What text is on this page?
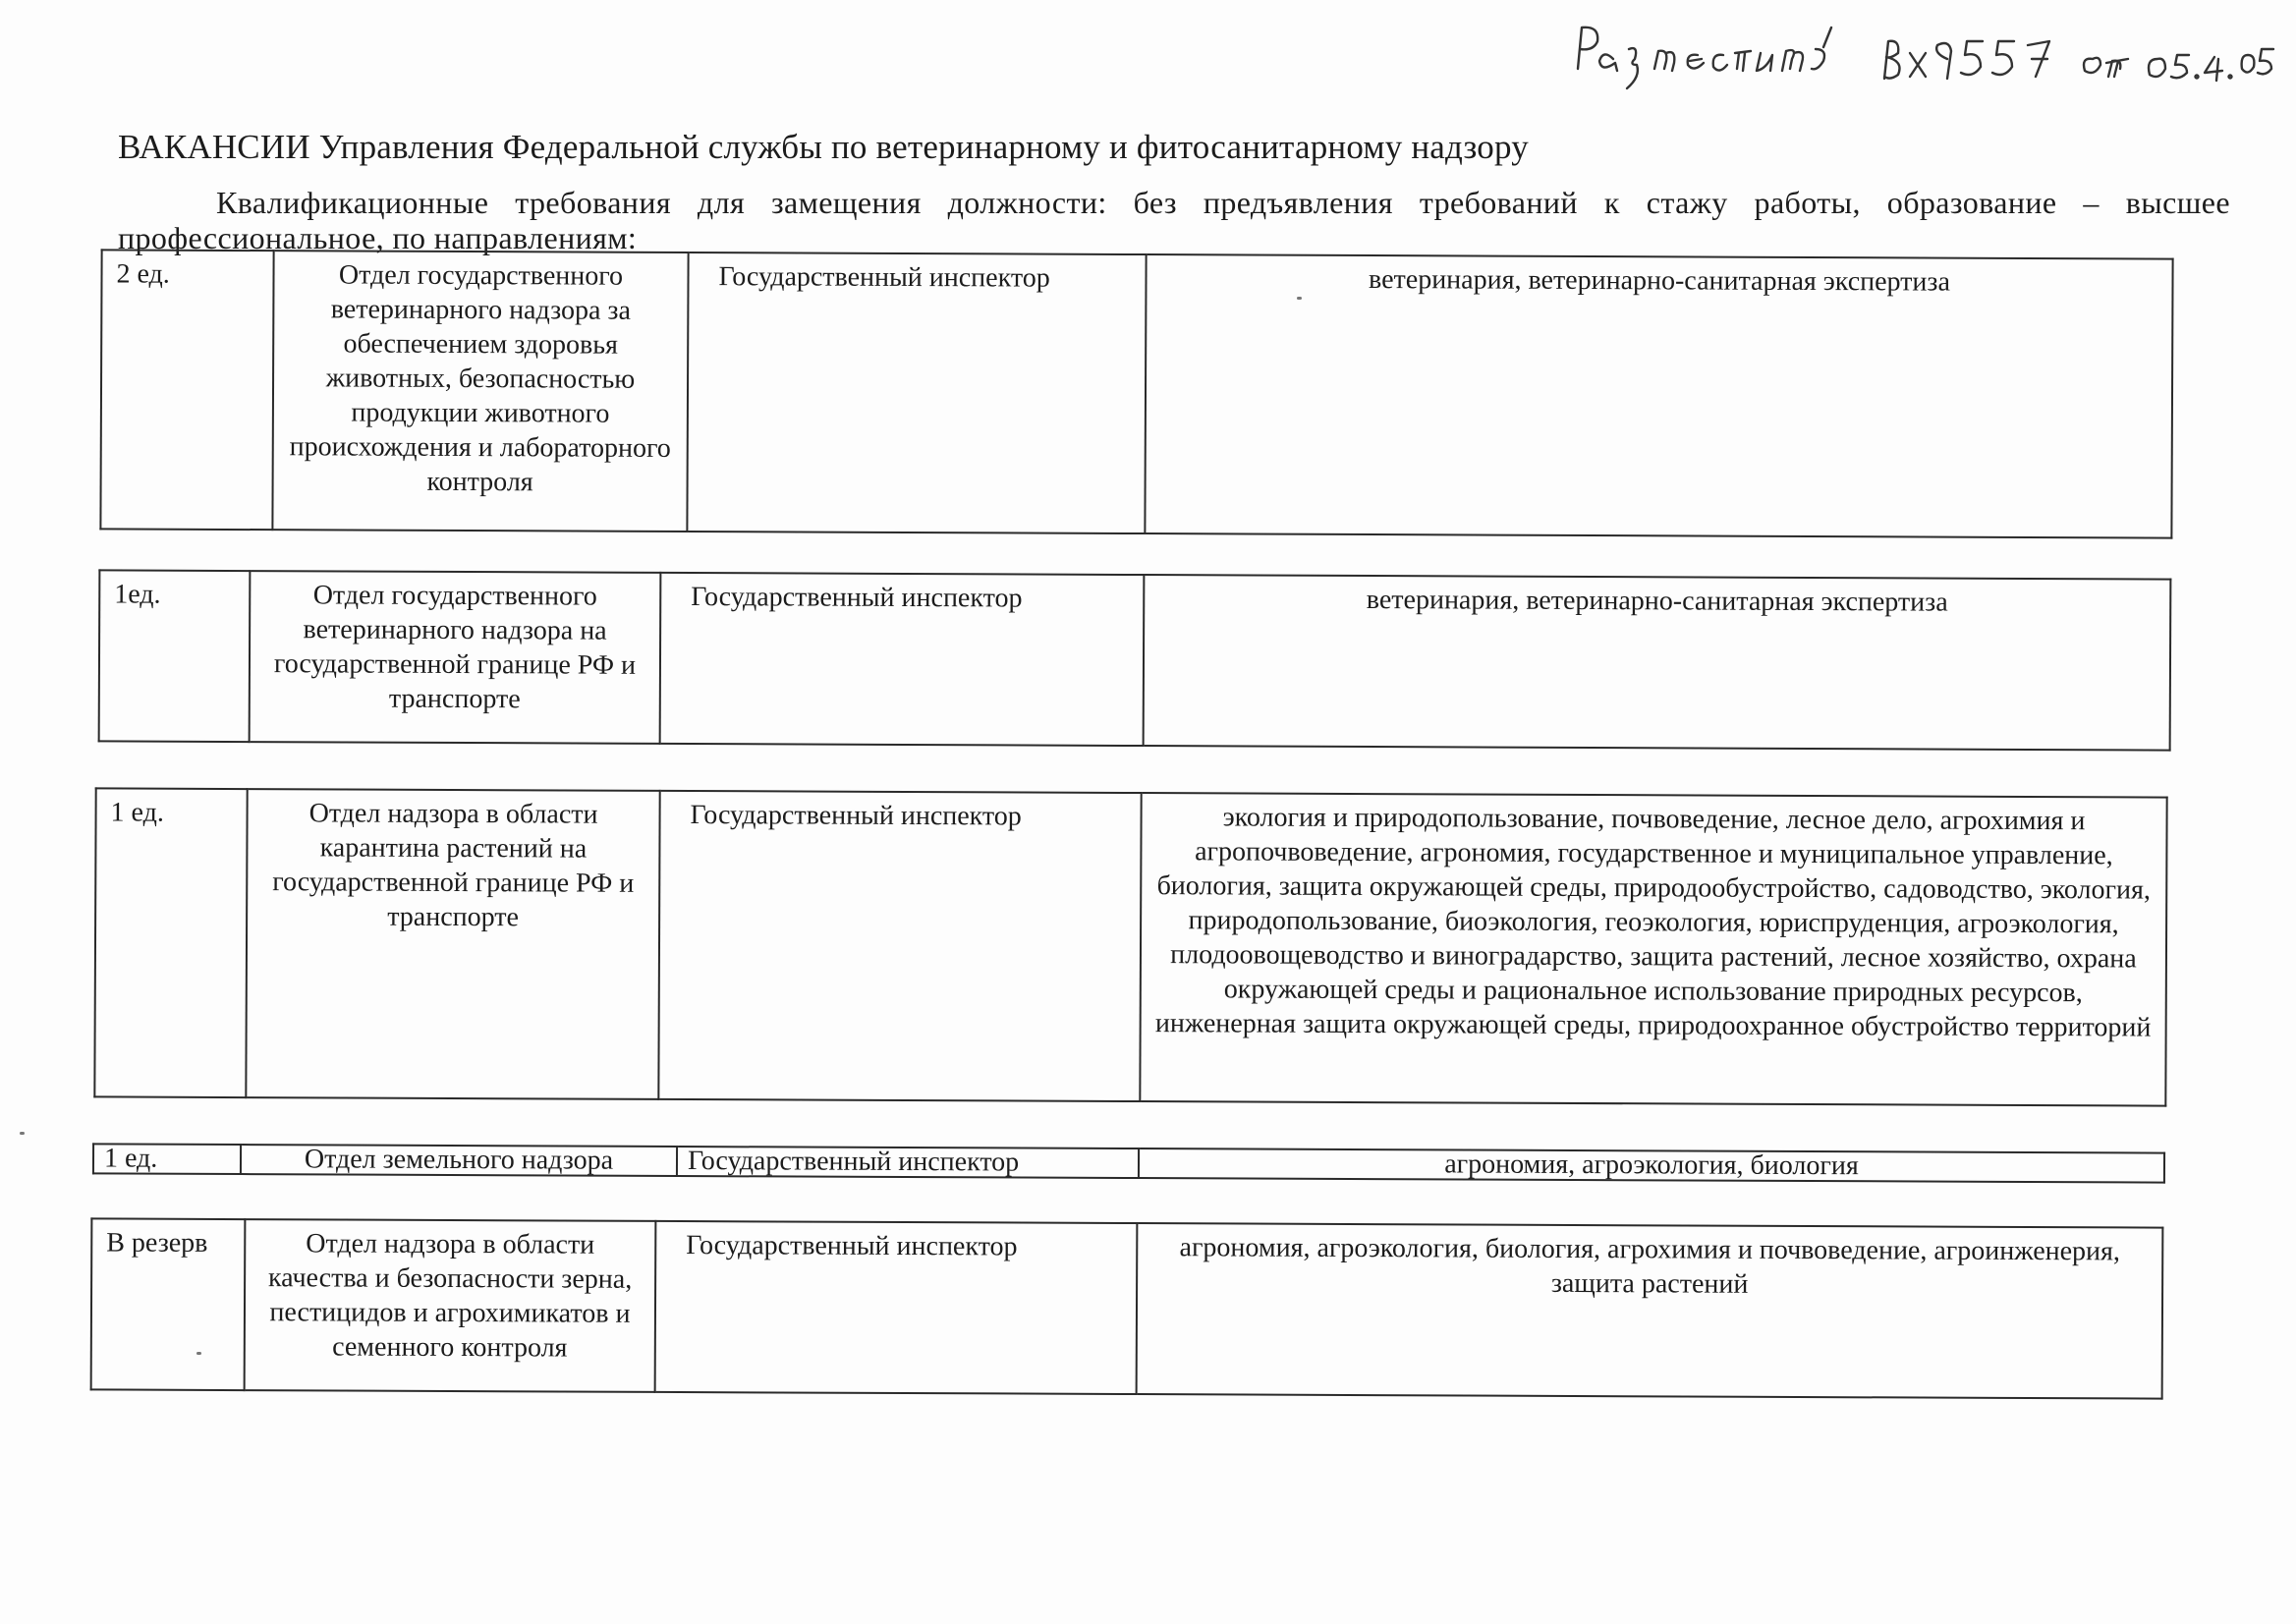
ВАКАНСИИ Управления Федеральной службы по ветеринарному и фитосанитарному надзору
Квалификационные требования для замещения должности: без предъявления требований к стажу работы, образование – высшее профессиональное, по направлениям:
2 ед.	Отдел государственного ветеринарного надзора за обеспечением здоровья животных, безопасностью продукции животного происхождения и лабораторного контроля	Государственный инспектор	ветеринария, ветеринарно-санитарная экспертиза
1ед.	Отдел государственного ветеринарного надзора на государственной границе РФ и транспорте	Государственный инспектор	ветеринария, ветеринарно-санитарная экспертиза
1 ед.	Отдел надзора в области карантина растений на государственной границе РФ и транспорте	Государственный инспектор	экология и природопользование, почвоведение, лесное дело, агрохимия и агропочвоведение, агрономия, государственное и муниципальное управление, биология, защита окружающей среды, природообустройство, садоводство, экология, природопользование, биоэкология, геоэкология, юриспруденция, агроэкология, плодоовощеводство и виноградарство, защита растений, лесное хозяйство, охрана окружающей среды и рациональное использование природных ресурсов, инженерная защита окружающей среды, природоохранное обустройство территорий
1 ед.	Отдел земельного надзора	Государственный инспектор	агрономия, агроэкология, биология
В резерв	Отдел надзора в области качества и безопасности зерна, пестицидов и агрохимикатов и семенного контроля	Государственный инспектор	агрономия, агроэкология, биология, агрохимия и почвоведение, агроинженерия, защита растений
